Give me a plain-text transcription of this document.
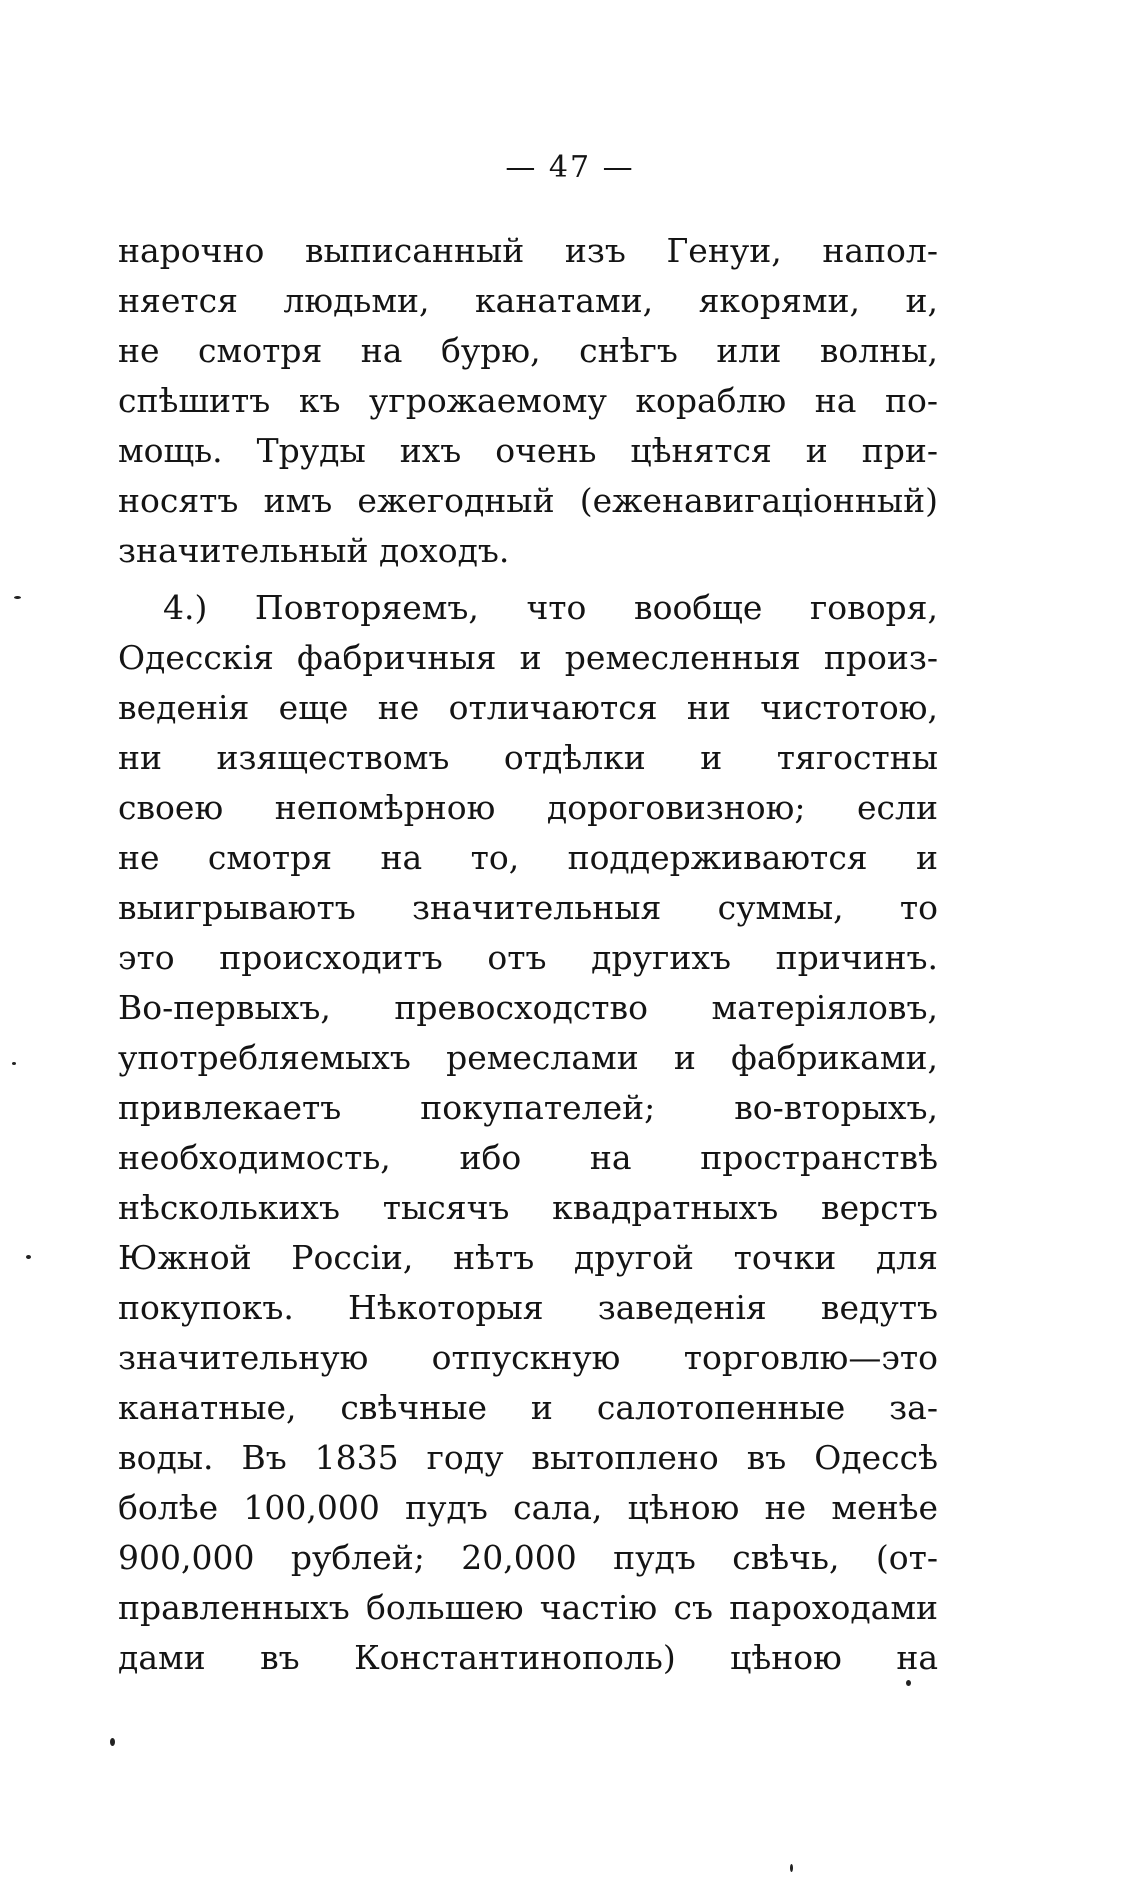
— 47 —
нарочно выписанный изъ Генуи, напол-
няется людьми, канатами, якорями, и,
не смотря на бурю, снѣгъ или волны,
спѣшитъ къ угрожаемому кораблю на по-
мощь. Труды ихъ очень цѣнятся и при-
носятъ имъ ежегодный (еженавигаціонный)
значительный доходъ.
4.) Повторяемъ, что вообще говоря,
Одесскія фабричныя и ремесленныя произ-
веденія еще не отличаются ни чистотою,
ни изяществомъ отдѣлки и тягостны
своею непомѣрною дороговизною; если
не смотря на то, поддерживаются и
выигрываютъ значительныя суммы, то
это происходитъ отъ другихъ причинъ.
Во-первыхъ, превосходство матеріяловъ,
употребляемыхъ ремеслами и фабриками,
привлекаетъ покупателей; во-вторыхъ,
необходимость, ибо на пространствѣ
нѣсколькихъ тысячъ квадратныхъ верстъ
Южной Россіи, нѣтъ другой точки для
покупокъ. Нѣкоторыя заведенія ведутъ
значительную отпускную торговлю—это
канатные, свѣчные и салотопенные за-
воды. Въ 1835 году вытоплено въ Одессѣ
болѣе 100,000 пудъ сала, цѣною не менѣе
900,000 рублей; 20,000 пудъ свѣчь, (от-
правленныхъ большею частію съ пароходами
дами въ Константинополь) цѣною на
